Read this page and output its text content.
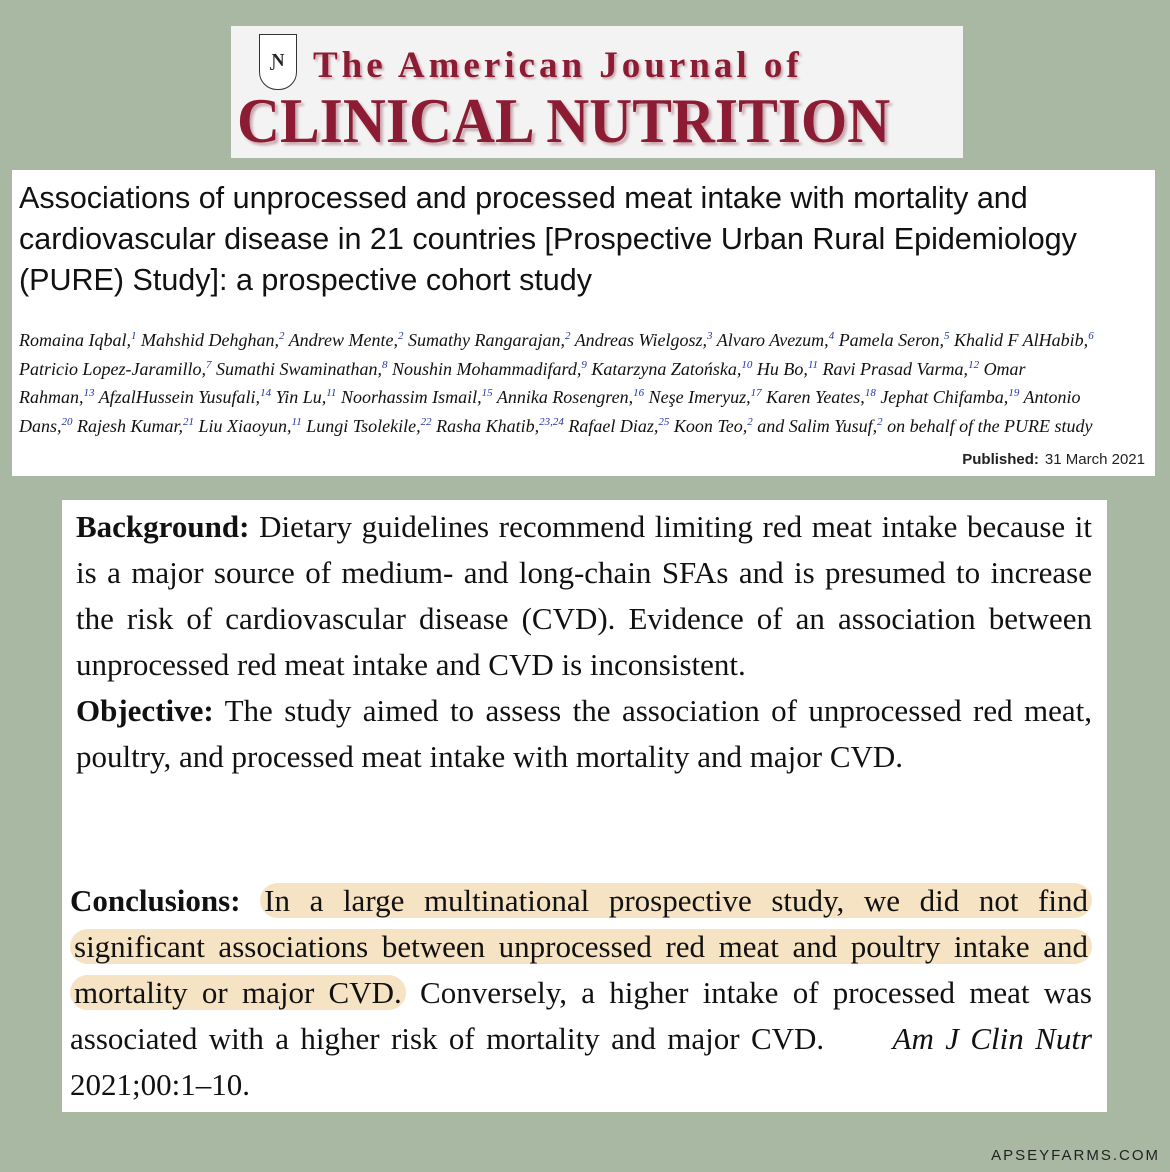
Ɲ The American Journal of
CLINICAL NUTRITION
Associations of unprocessed and processed meat intake with mortality and cardiovascular disease in 21 countries [Prospective Urban Rural Epidemiology (PURE) Study]: a prospective cohort study
Romaina Iqbal,$^1$ Mahshid Dehghan,$^2$ Andrew Mente,$^2$ Sumathy Rangarajan,$^2$ Andreas Wielgosz,$^3$ Alvaro Avezum,$^4$ Pamela Seron,$^5$ Khalid F AlHabib,$^6$ Patricio Lopez-Jaramillo,$^7$ Sumathi Swaminathan,$^8$ Noushin Mohammadifard,$^9$ Katarzyna Zatońska,$^{10}$ Hu Bo,$^{11}$ Ravi Prasad Varma,$^{12}$ Omar Rahman,$^{13}$ AfzalHussein Yusufali,$^{14}$ Yin Lu,$^{11}$ Noorhassim Ismail,$^{15}$ Annika Rosengren,$^{16}$ Neşe Imeryuz,$^{17}$ Karen Yeates,$^{18}$ Jephat Chifamba,$^{19}$ Antonio Dans,$^{20}$ Rajesh Kumar,$^{21}$ Liu Xiaoyun,$^{11}$ Lungi Tsolekile,$^{22}$ Rasha Khatib,$^{23,24}$ Rafael Diaz,$^{25}$ Koon Teo,$^2$ and Salim Yusuf,$^2$ on behalf of the PURE study
Published: 31 March 2021

Background: Dietary guidelines recommend limiting red meat intake because it is a major source of medium- and long-chain SFAs and is presumed to increase the risk of cardiovascular disease (CVD). Evidence of an association between unprocessed red meat intake and CVD is inconsistent.
Objective: The study aimed to assess the association of unprocessed red meat, poultry, and processed meat intake with mortality and major CVD.

Conclusions: In a large multinational prospective study, we did not find significant associations between unprocessed red meat and poultry intake and mortality or major CVD. Conversely, a higher intake of processed meat was associated with a higher risk of mortality and major CVD. Am J Clin Nutr 2021;00:1–10.

APSEYFARMS.COM
